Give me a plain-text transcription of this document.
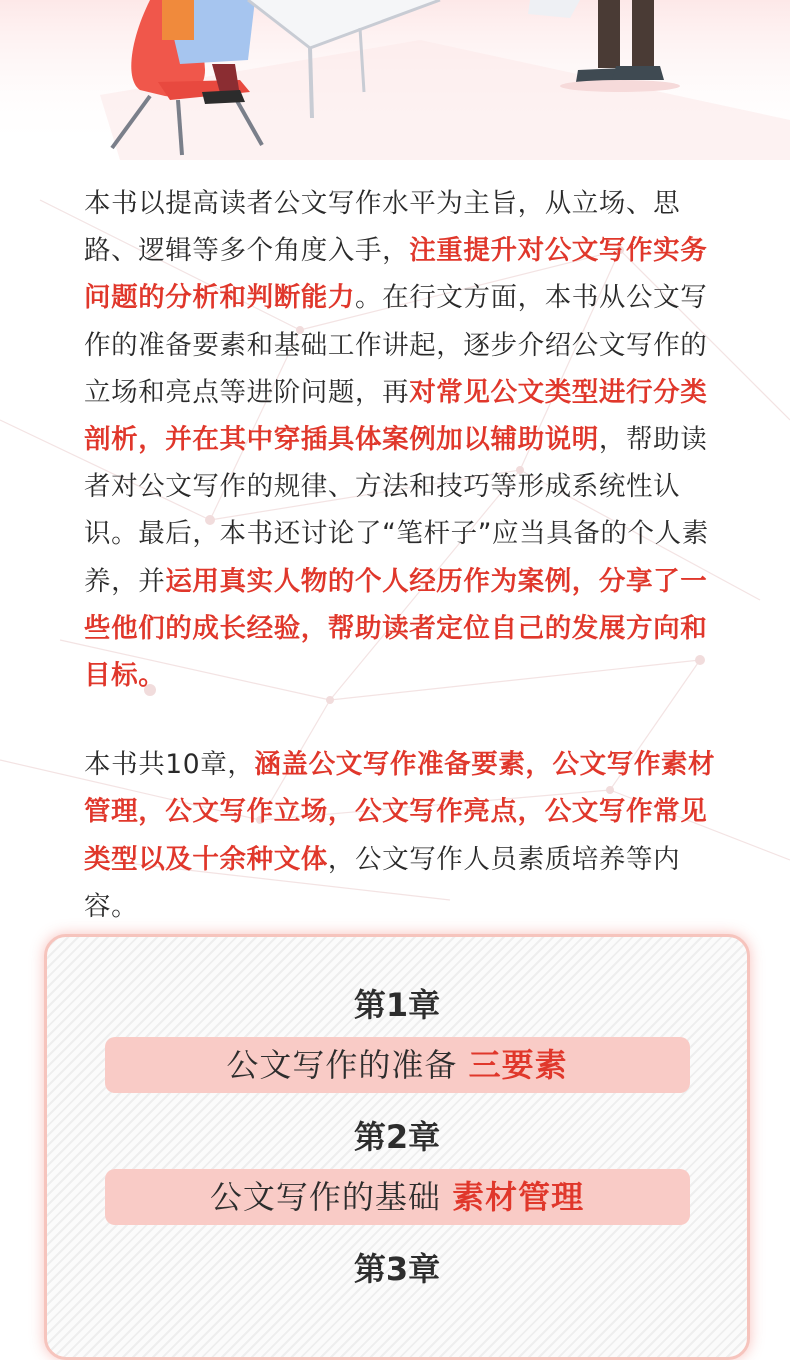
本书以提高读者公文写作水平为主旨，从立场、思路、逻辑等多个角度入手，注重提升对公文写作实务问题的分析和判断能力。在行文方面，本书从公文写作的准备要素和基础工作讲起，逐步介绍公文写作的立场和亮点等进阶问题，再对常见公文类型进行分类剖析，并在其中穿插具体案例加以辅助说明，帮助读者对公文写作的规律、方法和技巧等形成系统性认识。最后，本书还讨论了“笔杆子”应当具备的个人素养，并运用真实人物的个人经历作为案例，分享了一些他们的成长经验，帮助读者定位自己的发展方向和目标。

本书共10章，涵盖公文写作准备要素，公文写作素材管理，公文写作立场，公文写作亮点，公文写作常见类型以及十余种文体，公文写作人员素质培养等内容。

第1章
公文写作的准备 三要素
第2章
公文写作的基础 素材管理
第3章
